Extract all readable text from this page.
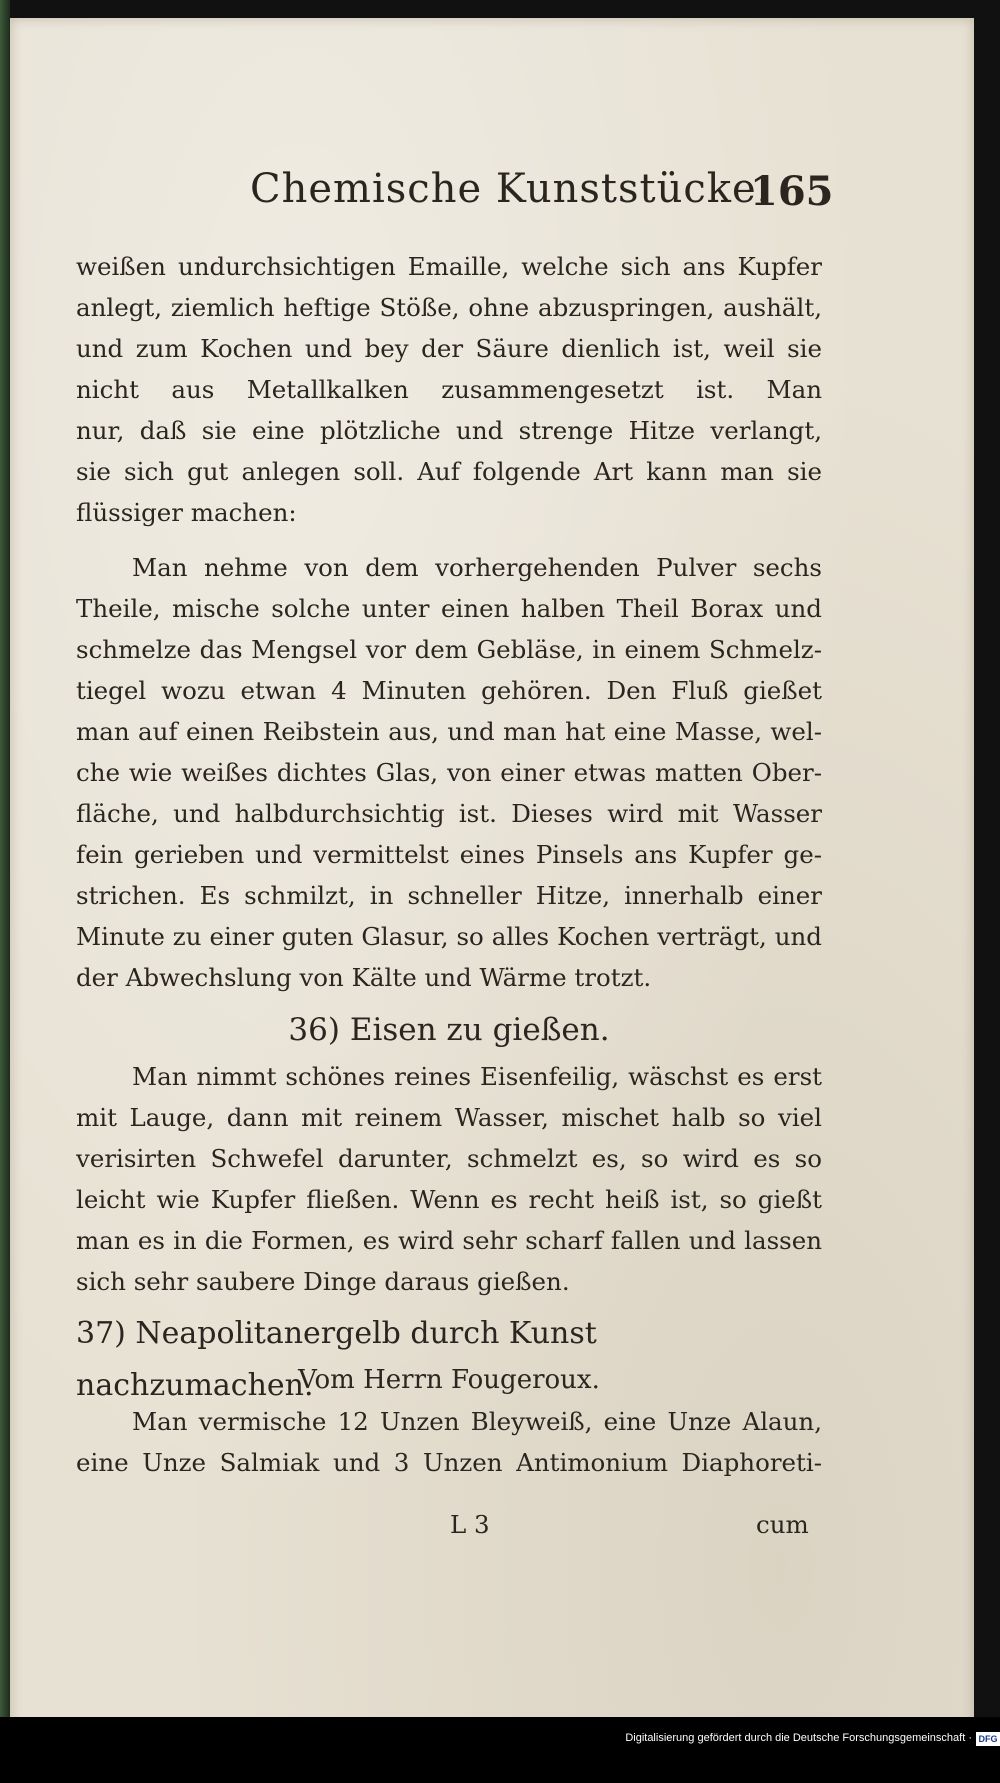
Chemische Kunststücke.
165
weißen undurchsichtigen Emaille, welche sich ans Kupfer
anlegt, ziemlich heftige Stöße, ohne abzuspringen, aushält,
und zum Kochen und bey der Säure dienlich ist, weil sie
nicht aus Metallkalken zusammengesetzt ist. Man
nur, daß sie eine plötzliche und strenge Hitze verlangt,
sie sich gut anlegen soll. Auf folgende Art kann man sie
flüssiger machen:
Man nehme von dem vorhergehenden Pulver sechs
Theile, mische solche unter einen halben Theil Borax und
schmelze das Mengsel vor dem Gebläse, in einem Schmelz-
tiegel wozu etwan 4 Minuten gehören. Den Fluß gießet
man auf einen Reibstein aus, und man hat eine Masse, wel-
che wie weißes dichtes Glas, von einer etwas matten Ober-
fläche, und halbdurchsichtig ist. Dieses wird mit Wasser
fein gerieben und vermittelst eines Pinsels ans Kupfer ge-
strichen. Es schmilzt, in schneller Hitze, innerhalb einer
Minute zu einer guten Glasur, so alles Kochen verträgt, und
der Abwechslung von Kälte und Wärme trotzt.
36) Eisen zu gießen.
Man nimmt schönes reines Eisenfeilig, wäschst es erst
mit Lauge, dann mit reinem Wasser, mischet halb so viel
verisirten Schwefel darunter, schmelzt es, so wird es so
leicht wie Kupfer fließen. Wenn es recht heiß ist, so gießt
man es in die Formen, es wird sehr scharf fallen und lassen
sich sehr saubere Dinge daraus gießen.
37) Neapolitanergelb durch Kunst nachzumachen.
Vom Herrn Fougeroux.
Man vermische 12 Unzen Bleyweiß, eine Unze Alaun,
eine Unze Salmiak und 3 Unzen Antimonium Diaphoreti-
L 3	cum
Digitalisierung gefördert durch die Deutsche Forschungsgemeinschaft · DFG
